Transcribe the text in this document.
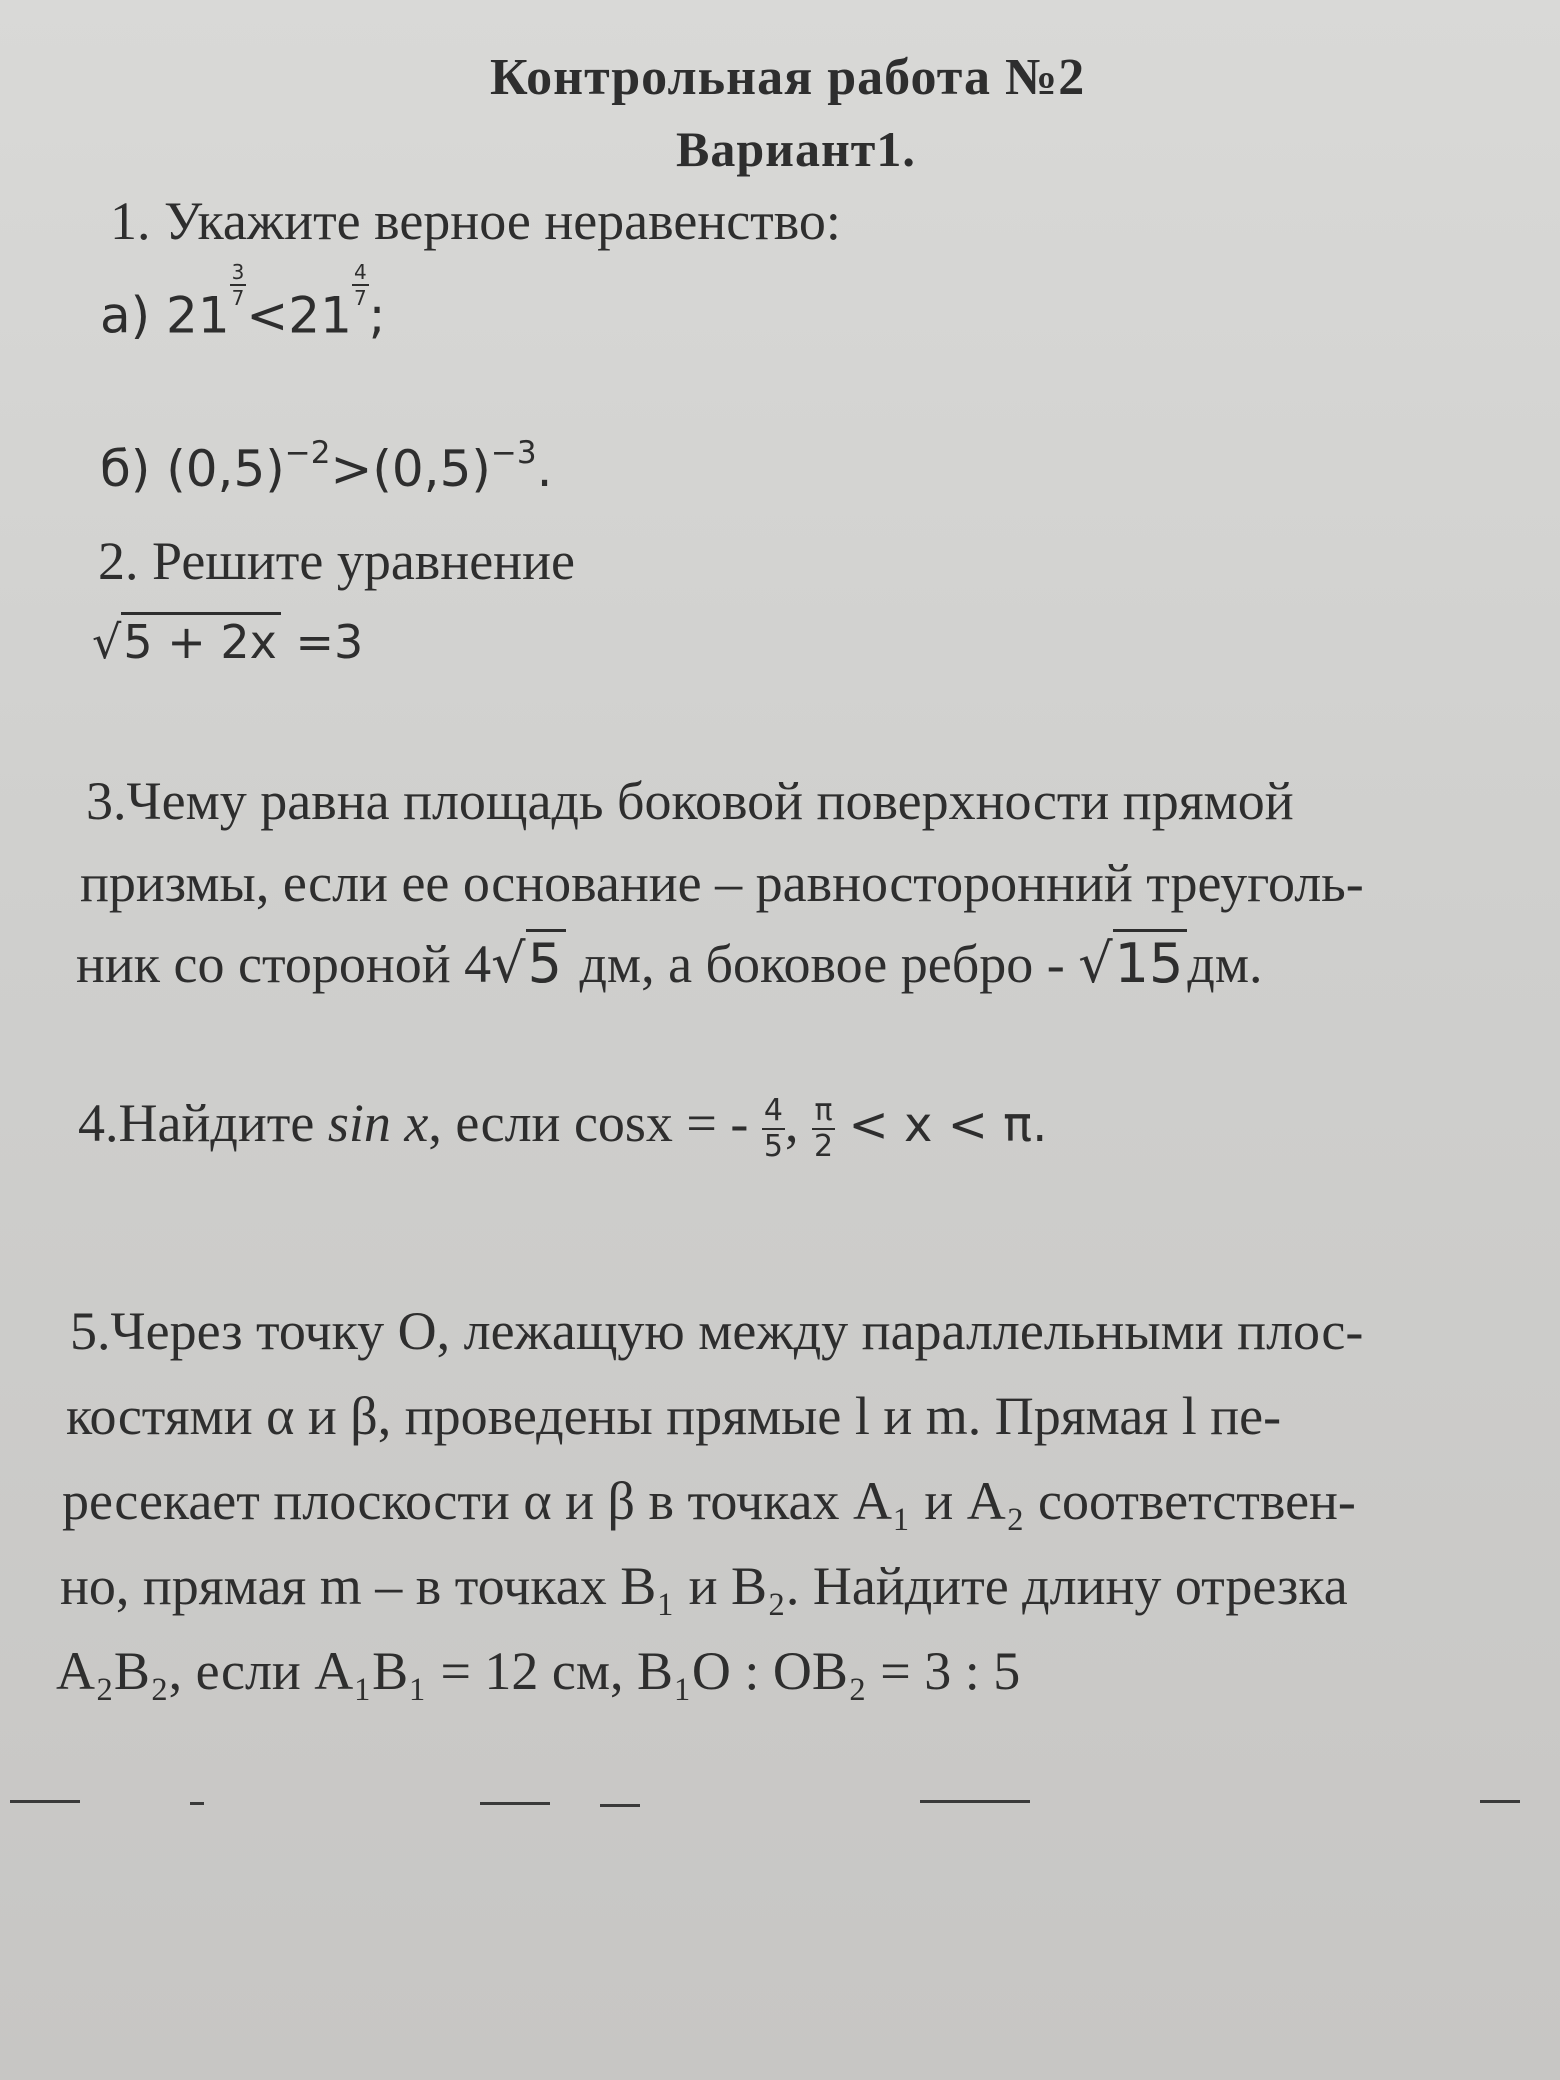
Контрольная работа №2
Вариант1.
1. Укажите верное неравенство:
а) 21
$\frac{3}{7}$
<21
$\frac{4}{7}$
;
б) $(0,5)^{-2}>(0,5)^{-3}$.
2. Решите уравнение
√5 + 2x =3
3.Чему равна площадь боковой поверхности прямой
призмы, если ее основание – равносторонний треуголь-
ник со стороной 4√5 дм, а боковое ребро - √15дм.
4.Найдите sin x, если cosx = - $\frac{4}{5}$ , $\frac{\pi}{2} < x < \pi$.
5.Через точку O, лежащую между параллельными плос-
костями α и β, проведены прямые l и m. Прямая l пе-
ресекает плоскости α и β в точках A₁ и A₂ соответствен-
но, прямая m – в точках B₁ и B₂. Найдите длину отрезка
A₂B₂, если A₁B₁ = 12 см, B₁O : OB₂ = 3 : 5
